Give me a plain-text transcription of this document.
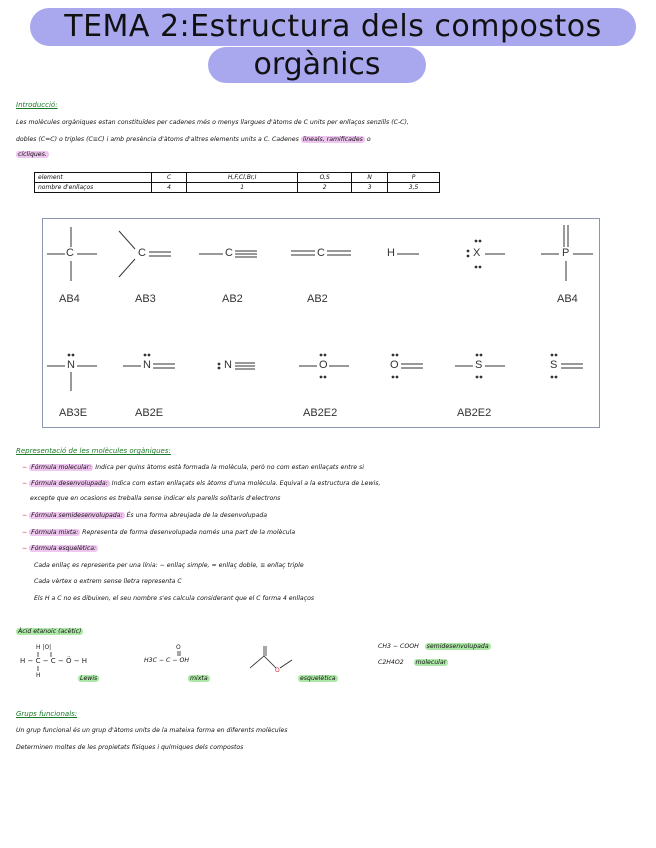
TEMA 2:Estructura dels compostos
orgànics
Introducció:
Les molècules orgàniques estan constituïdes per cadenes més o menys llargues d'àtoms de C units per enllaços senzills (C-C),
dobles (C=C) o triples (C≡C) i amb presència d'àtoms d'altres elements units a C. Cadenes lineals, ramificades o
cícliques.
element	C	H,F,Cl,Br,I	O,S	N	P
nombre d'enllaços	4	1	2	3	3,5
C	C	C	C	H	X	P
N	N	N	O	O	S	S
AB4	AB3	AB2	AB2	AB4
AB3E	AB2E	AB2E2	AB2E2
Representació de les molècules orgàniques:
− Fórmula molecular: Indica per quins àtoms està formada la molècula, però no com estan enllaçats entre si
− Fórmula desenvolupada: Indica com estan enllaçats els àtoms d'una molècula. Equival a la estructura de Lewis,
excepte que en ocasions es treballa sense indicar els parells solitaris d'electrons
− Fórmula semidesenvolupada: És una forma abreujada de la desenvolupada
− Fórmula mixta: Representa de forma desenvolupada només una part de la molècula
− Fórmula esquelètica:
Cada enllaç es representa per una línia: − enllaç simple, = enllaç doble, ≡ enllaç triple
Cada vèrtex o extrem sense lletra representa C
Els H a C no es dibuixen, el seu nombre s'es calcula considerant que el C forma 4 enllaços
Àcid etanoic (acètic)
H − C − C − Ö − H
H |O|
H
O
O
H3C − C − OH
Lewis	mixta	esquelètica
CH3 − COOH semidesenvolupada
C2H4O2 molecular
Grups funcionals:
Un grup funcional és un grup d'àtoms units de la mateixa forma en diferents molècules
Determinen moltes de les propietats físiques i químiques dels compostos
